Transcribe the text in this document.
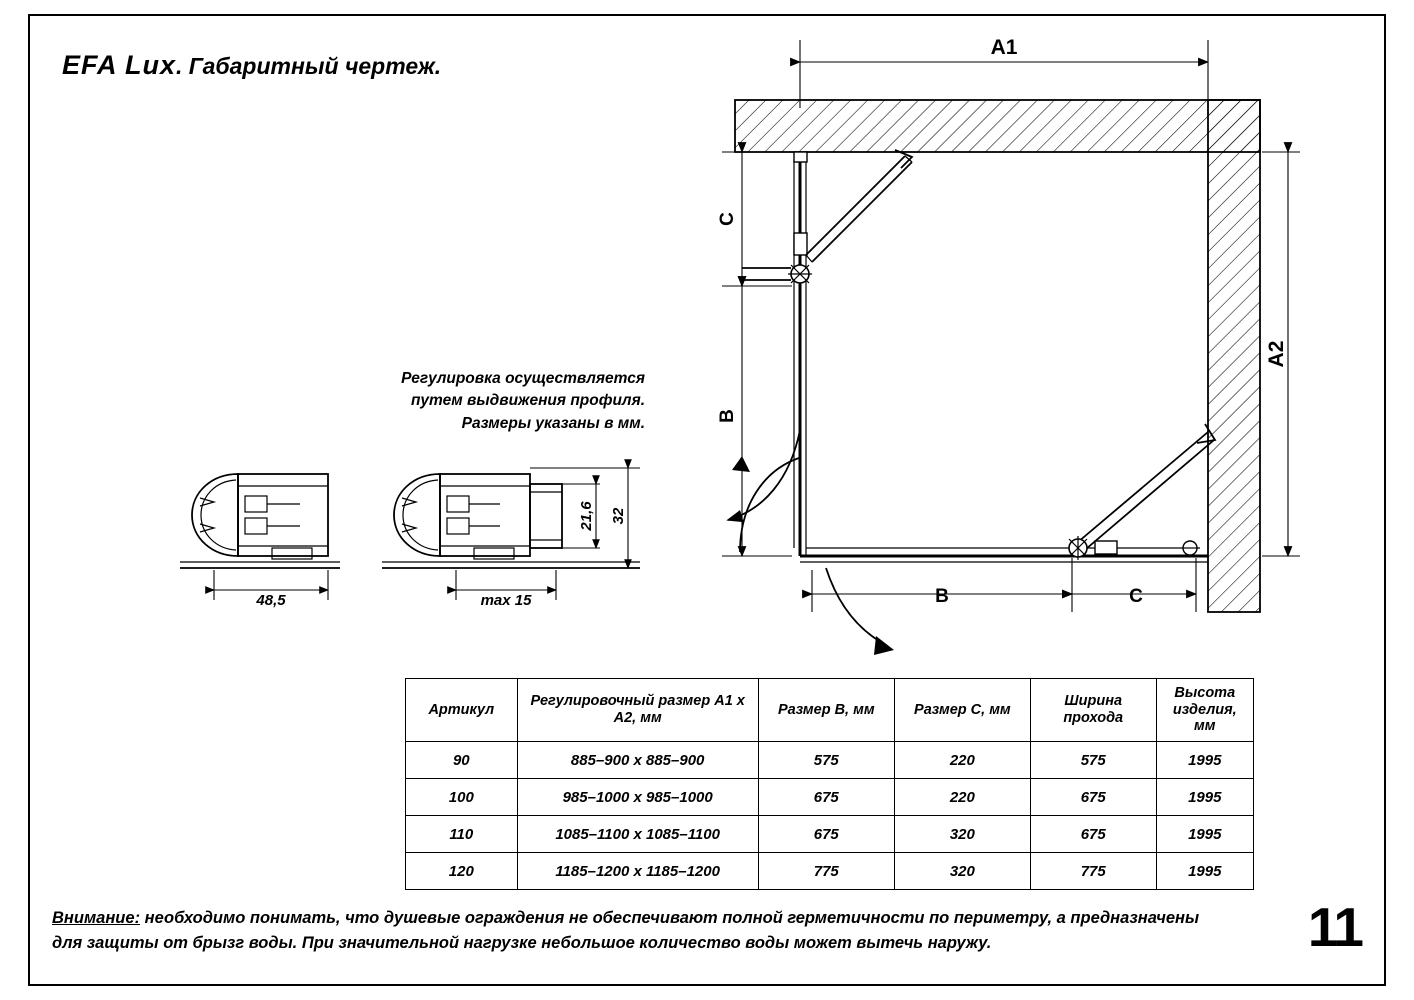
EFA Lux. Габаритный чертеж.
Регулировка осуществляется
путем выдвижения профиля.
Размеры указаны в мм.
A1
A2
C
B
B	C
48,5	max 15
21,6 32
Артикул	Регулировочный размер A1 x A2, мм	Размер B, мм	Размер C, мм	Ширина прохода	Высота изделия, мм
90	885–900 x 885–900	575	220	575	1995
100	985–1000 x 985–1000	675	220	675	1995
110	1085–1100 x 1085–1100	675	320	675	1995
120	1185–1200 x 1185–1200	775	320	775	1995
Внимание: необходимо понимать, что душевые ограждения не обеспечивают полной герметичности по периметру, а предназначены для защиты от брызг воды. При значительной нагрузке небольшое количество воды может вытечь наружу.	11
